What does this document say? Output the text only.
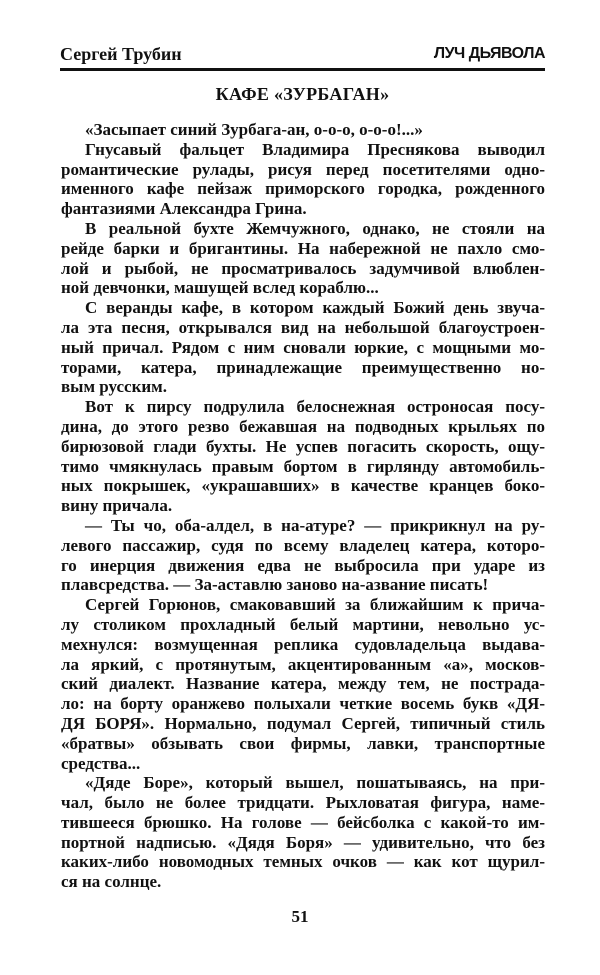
Сергей Трубин	ЛУЧ ДЬЯВОЛА
КАФЕ «ЗУРБАГАН»
«Засыпает синий Зурбага-ан, о-о-о, о-о-о!...»
Гнусавый фальцет Владимира Преснякова выводил
романтические рулады, рисуя перед посетителями одно-
именного кафе пейзаж приморского городка, рожденного
фантазиями Александра Грина.
В реальной бухте Жемчужного, однако, не стояли на
рейде барки и бригантины. На набережной не пахло смо-
лой и рыбой, не просматривалось задумчивой влюблен-
ной девчонки, машущей вслед кораблю...
С веранды кафе, в котором каждый Божий день звуча-
ла эта песня, открывался вид на небольшой благоустроен-
ный причал. Рядом с ним сновали юркие, с мощными мо-
торами, катера, принадлежащие преимущественно но-
вым русским.
Вот к пирсу подрулила белоснежная остроносая посу-
дина, до этого резво бежавшая на подводных крыльях по
бирюзовой глади бухты. Не успев погасить скорость, ощу-
тимо чмякнулась правым бортом в гирлянду автомобиль-
ных покрышек, «украшавших» в качестве кранцев боко-
вину причала.
— Ты чо, оба-алдел, в на-атуре? — прикрикнул на ру-
левого пассажир, судя по всему владелец катера, которо-
го инерция движения едва не выбросила при ударе из
плавсредства. — За-аставлю заново на-азвание писать!
Сергей Горюнов, смаковавший за ближайшим к прича-
лу столиком прохладный белый мартини, невольно ус-
мехнулся: возмущенная реплика судовладельца выдава-
ла яркий, с протянутым, акцентированным «а», москов-
ский диалект. Название катера, между тем, не пострада-
ло: на борту оранжево полыхали четкие восемь букв «ДЯ-
ДЯ БОРЯ». Нормально, подумал Сергей, типичный стиль
«братвы» обзывать свои фирмы, лавки, транспортные
средства...
«Дяде Боре», который вышел, пошатываясь, на при-
чал, было не более тридцати. Рыхловатая фигура, наме-
тившееся брюшко. На голове — бейсболка с какой-то им-
портной надписью. «Дядя Боря» — удивительно, что без
каких-либо новомодных темных очков — как кот щурил-
ся на солнце.
51
